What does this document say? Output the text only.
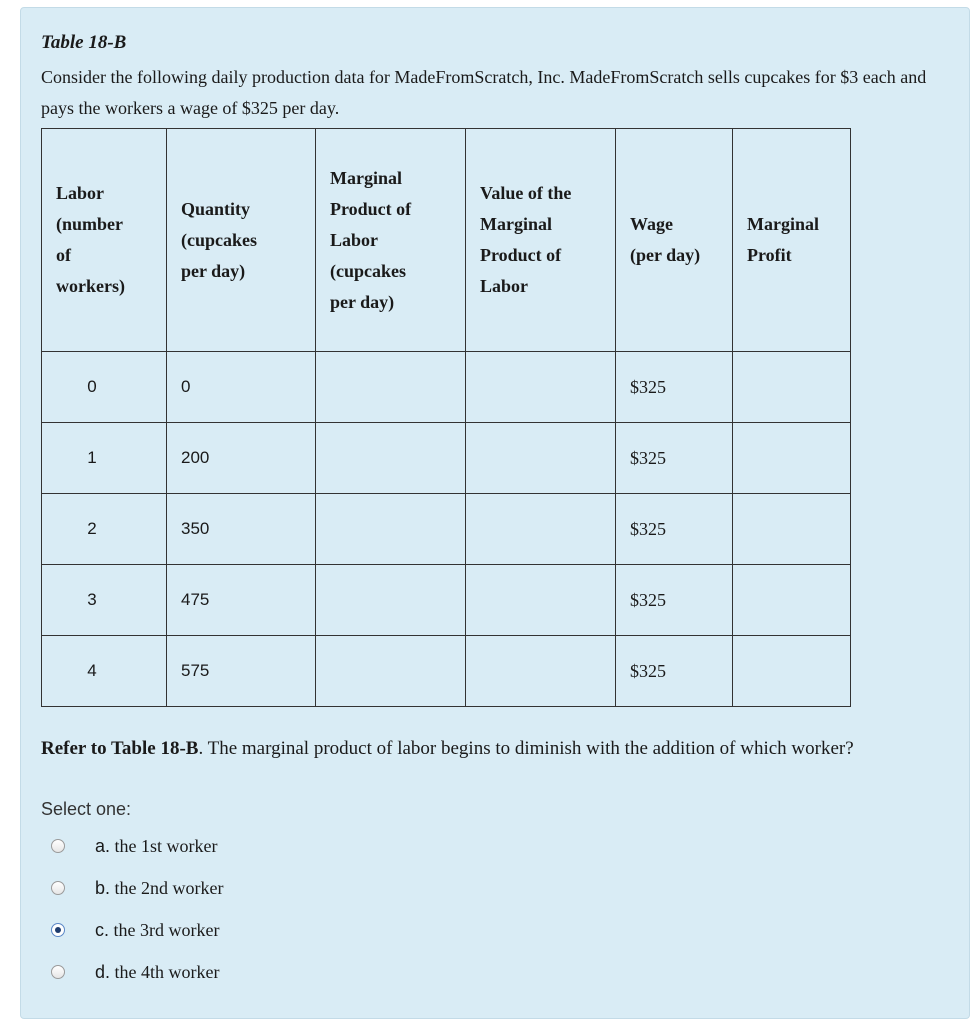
Table 18-B
Consider the following daily production data for MadeFromScratch, Inc. MadeFromScratch sells cupcakes for $3 each and pays the workers a wage of $325 per day.
Labor
(number
of
workers)	Quantity
(cupcakes
per day)	Marginal
Product of
Labor
(cupcakes
per day)	Value of the
Marginal
Product of
Labor	Wage
(per day)	Marginal
Profit
0	0			$325	
1	200			$325	
2	350			$325	
3	475			$325	
4	575			$325	
Refer to Table 18-B. The marginal product of labor begins to diminish with the addition of which worker?
Select one:
a. the 1st worker
b. the 2nd worker
c. the 3rd worker
d. the 4th worker
